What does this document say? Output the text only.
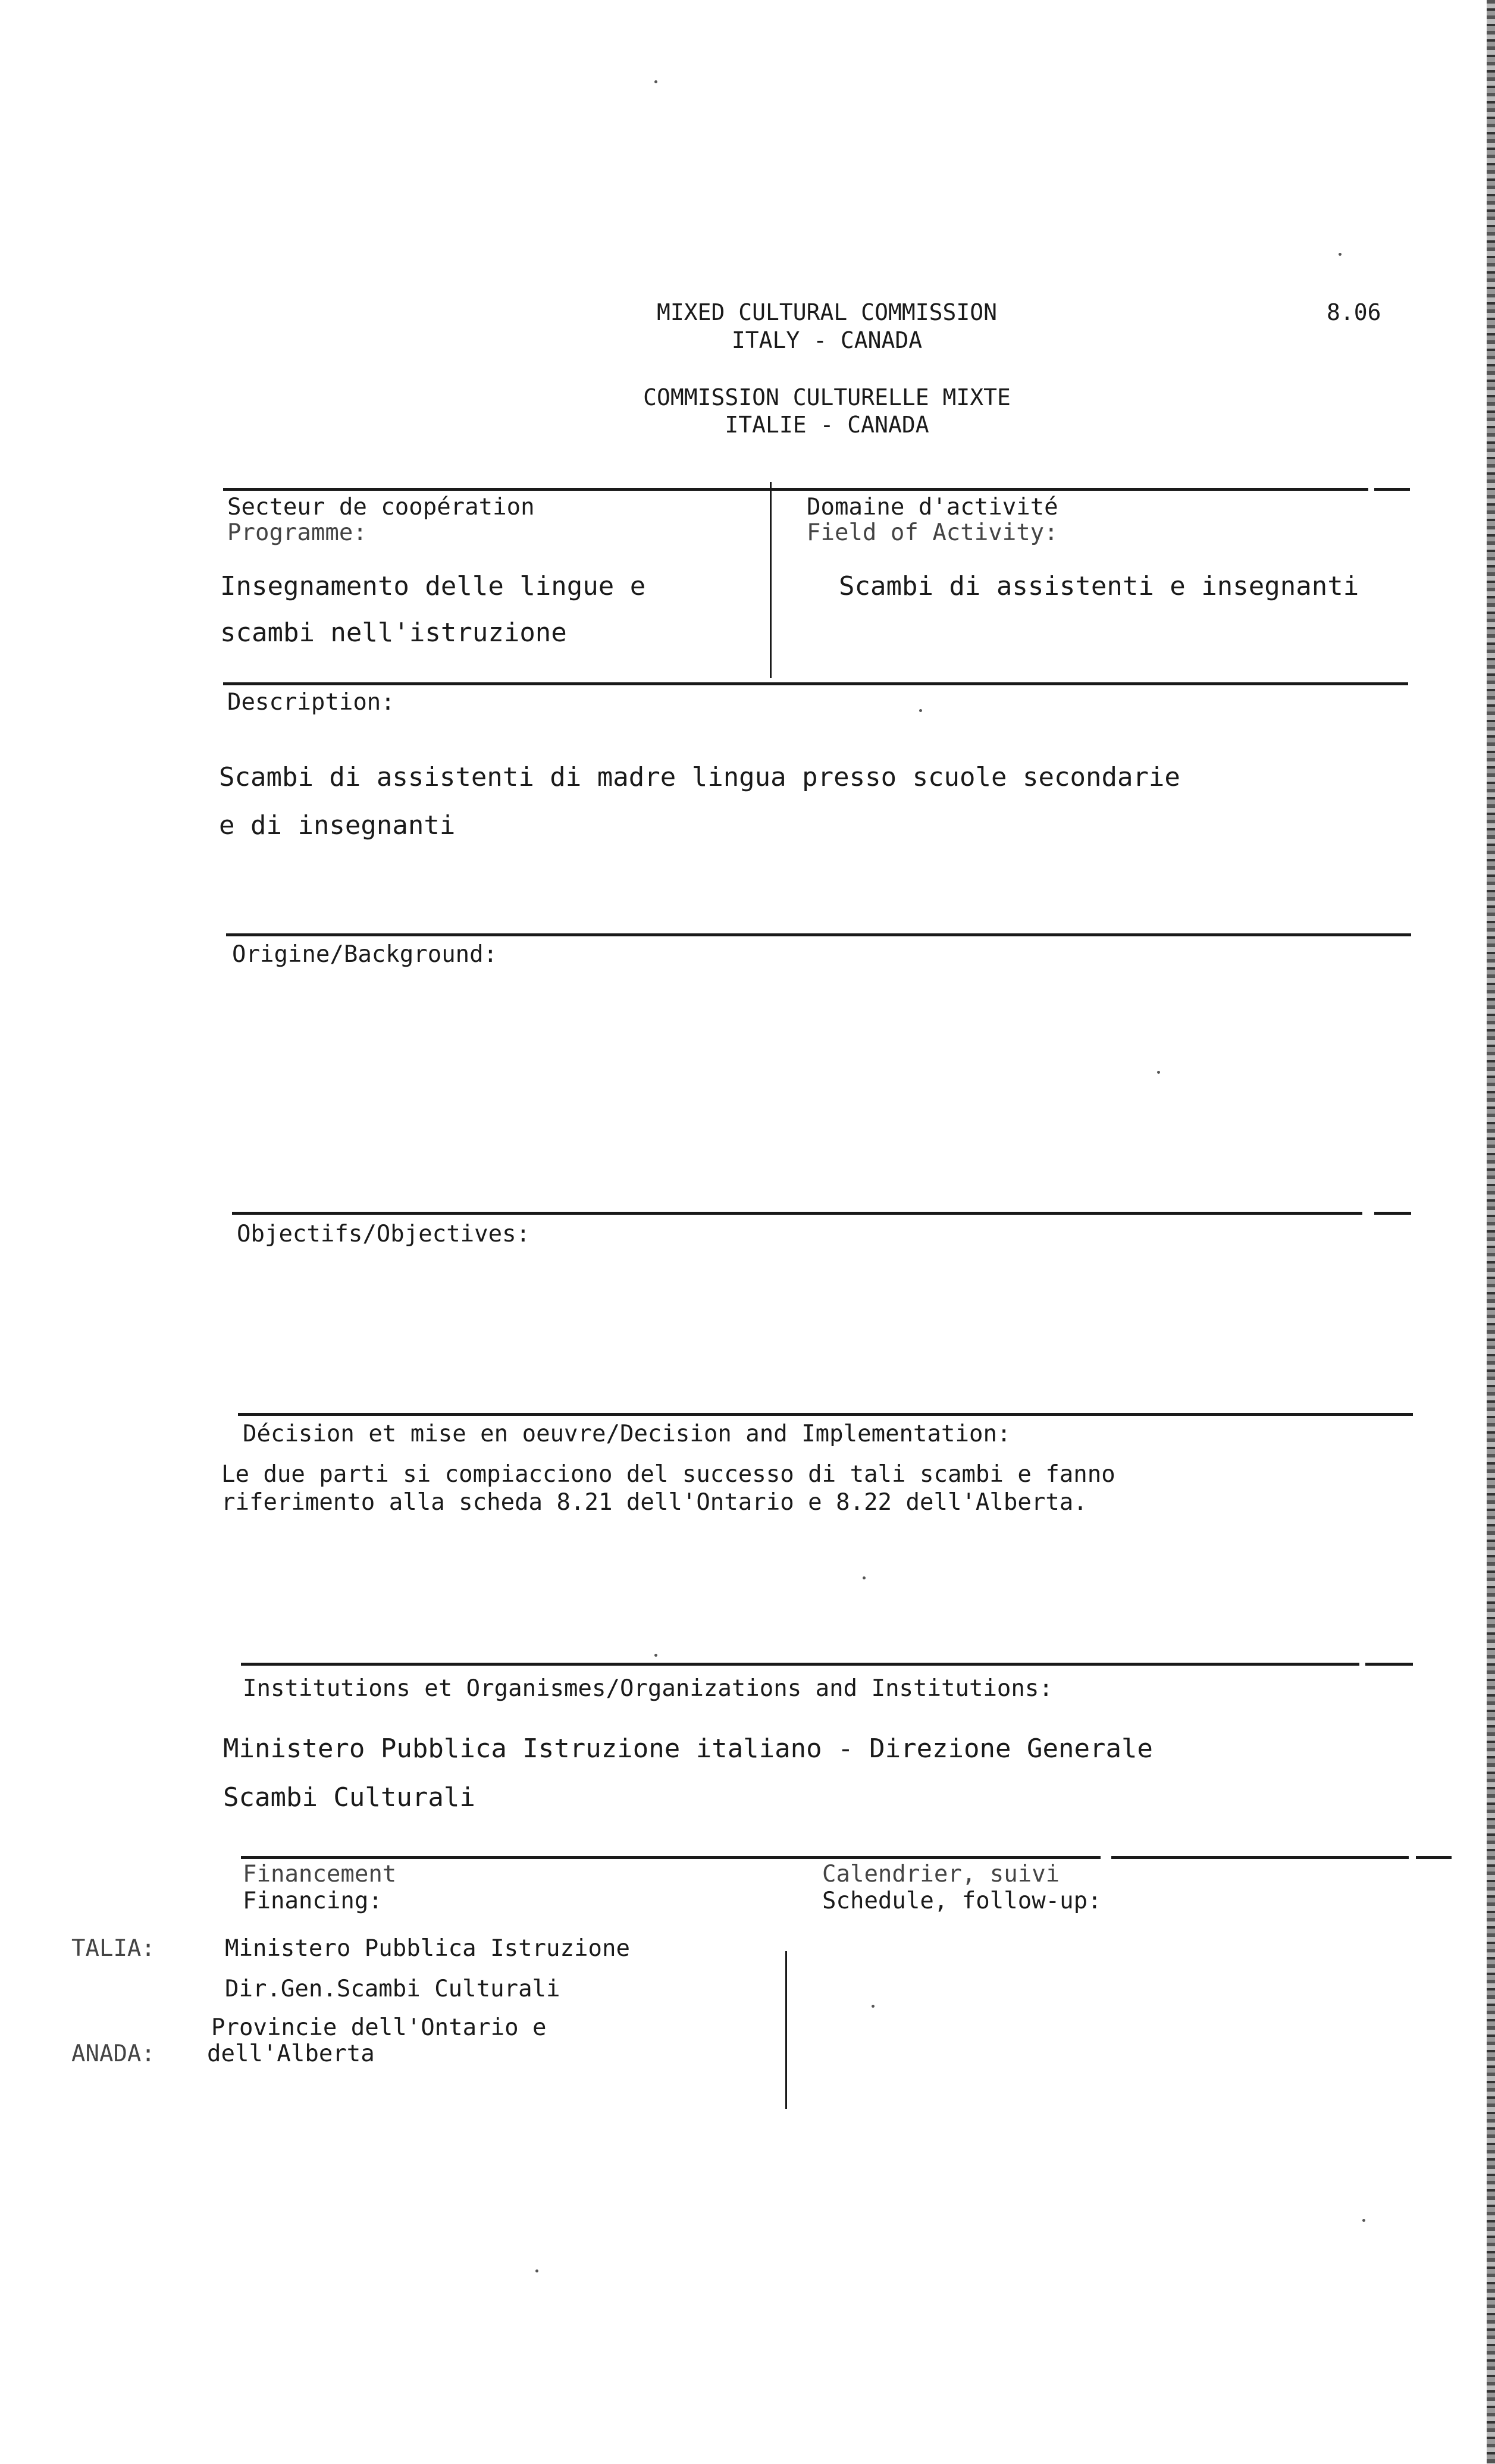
MIXED CULTURAL COMMISSION
ITALY - CANADA
COMMISSION CULTURELLE MIXTE
ITALIE - CANADA
8.06
Secteur de coopération
Programme:
Insegnamento delle lingue e
scambi nell'istruzione
Domaine d'activité
Field of Activity:
Scambi di assistenti e insegnanti
Description:
Scambi di assistenti di madre lingua presso scuole secondarie
e di insegnanti
Origine/Background:
Objectifs/Objectives:
Décision et mise en oeuvre/Decision and Implementation:
Le due parti si compiacciono del successo di tali scambi e fanno
riferimento alla scheda 8.21 dell'Ontario e 8.22 dell'Alberta.
Institutions et Organismes/Organizations and Institutions:
Ministero Pubblica Istruzione italiano - Direzione Generale
Scambi Culturali
Financement
Financing:
Calendrier, suivi
Schedule, follow-up:
TALIA:	Ministero Pubblica Istruzione
Dir.Gen.Scambi Culturali
Provincie dell'Ontario e
ANADA: dell'Alberta
